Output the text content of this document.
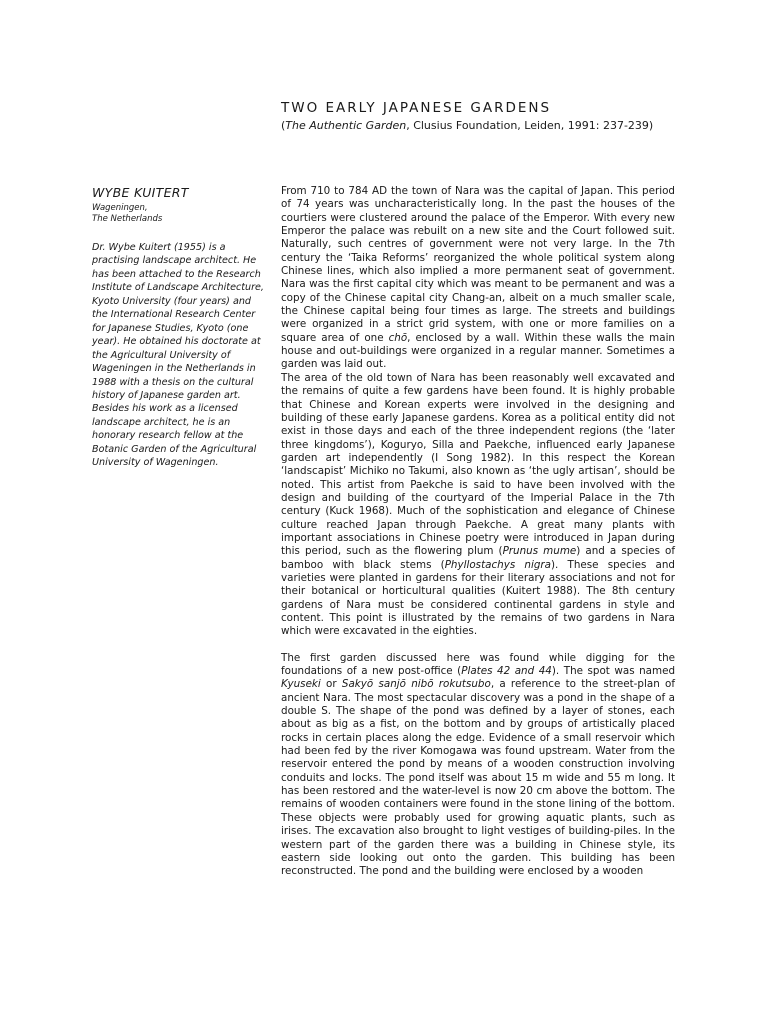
TWO EARLY JAPANESE GARDENS

(The Authentic Garden, Clusius Foundation, Leiden, 1991: 237-239)

WYBE KUITERT

Wageningen,

The Netherlands

Dr. Wybe Kuitert (1955) is a practising landscape architect. He has been attached to the Research Institute of Landscape Architecture, Kyoto University (four years) and the International Research Center for Japanese Studies, Kyoto (one year). He obtained his doctorate at the Agricultural University of Wageningen in the Netherlands in 1988 with a thesis on the cultural history of Japanese garden art. Besides his work as a licensed landscape architect, he is an honorary research fellow at the Botanic Garden of the Agricultural University of Wageningen.

From 710 to 784 AD the town of Nara was the capital of Japan. This period of 74 years was uncharacteristically long. In the past the houses of the courtiers were clustered around the palace of the Emperor. With every new Emperor the palace was rebuilt on a new site and the Court followed suit. Naturally, such centres of government were not very large. In the 7th century the ‘Taika Reforms’ reorganized the whole political system along Chinese lines, which also implied a more permanent seat of government. Nara was the first capital city which was meant to be permanent and was a copy of the Chinese capital city Chang-an, albeit on a much smaller scale, the Chinese capital being four times as large. The streets and buildings were organized in a strict grid system, with one or more families on a square area of one chō, enclosed by a wall. Within these walls the main house and out-buildings were organized in a regular manner. Sometimes a garden was laid out.

The area of the old town of Nara has been reasonably well excavated and the remains of quite a few gardens have been found. It is highly probable that Chinese and Korean experts were involved in the designing and building of these early Japanese gardens. Korea as a political entity did not exist in those days and each of the three independent regions (the ‘later three kingdoms’), Koguryo, Silla and Paekche, influenced early Japanese garden art independently (I Song 1982). In this respect the Korean ‘landscapist’ Michiko no Takumi, also known as ‘the ugly artisan’, should be noted. This artist from Paekche is said to have been involved with the design and building of the courtyard of the Imperial Palace in the 7th century (Kuck 1968). Much of the sophistication and elegance of Chinese culture reached Japan through Paekche. A great many plants with important associations in Chinese poetry were introduced in Japan during this period, such as the flowering plum (Prunus mume) and a species of bamboo with black stems (Phyllostachys nigra). These species and varieties were planted in gardens for their literary associations and not for their botanical or horticultural qualities (Kuitert 1988). The 8th century gardens of Nara must be considered continental gardens in style and content. This point is illustrated by the remains of two gardens in Nara which were excavated in the eighties.

The first garden discussed here was found while digging for the foundations of a new post-office (Plates 42 and 44). The spot was named Kyuseki or Sakyō sanjō nibō rokutsubo, a reference to the street-plan of ancient Nara. The most spectacular discovery was a pond in the shape of a double S. The shape of the pond was defined by a layer of stones, each about as big as a fist, on the bottom and by groups of artistically placed rocks in certain places along the edge. Evidence of a small reservoir which had been fed by the river Komogawa was found upstream. Water from the reservoir entered the pond by means of a wooden construction involving conduits and locks. The pond itself was about 15 m wide and 55 m long. It has been restored and the water-level is now 20 cm above the bottom. The remains of wooden containers were found in the stone lining of the bottom. These objects were probably used for growing aquatic plants, such as irises. The excavation also brought to light vestiges of building-piles. In the western part of the garden there was a building in Chinese style, its eastern side looking out onto the garden. This building has been reconstructed. The pond and the building were enclosed by a wooden
